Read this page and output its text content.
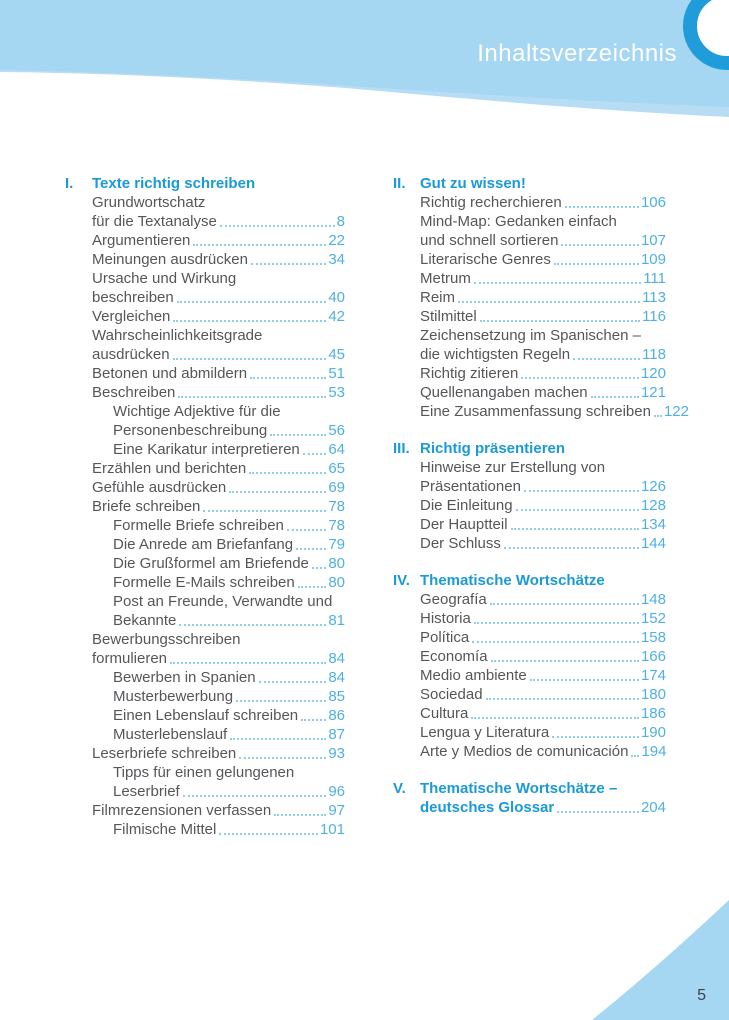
Inhaltsverzeichnis
I. Texte richtig schreiben
Grundwortschatz
für die Textanalyse	8
Argumentieren	22
Meinungen ausdrücken	34
Ursache und Wirkung
beschreiben	40
Vergleichen	42
Wahrscheinlichkeitsgrade
ausdrücken	45
Betonen und abmildern	51
Beschreiben	53
Wichtige Adjektive für die
Personenbeschreibung	56
Eine Karikatur interpretieren 64
Erzählen und berichten	65
Gefühle ausdrücken	69
Briefe schreiben	78
Formelle Briefe schreiben	78
Die Anrede am Briefanfang 79
Die Grußformel am Briefende 80
Formelle E-Mails schreiben 80
Post an Freunde, Verwandte und
Bekannte	81
Bewerbungsschreiben
formulieren	84
Bewerben in Spanien	84
Musterbewerbung	85
Einen Lebenslauf schreiben 86
Musterlebenslauf	87
Leserbriefe schreiben	93
Tipps für einen gelungenen
Leserbrief	96
Filmrezensionen verfassen	97
Filmische Mittel	101
II. Gut zu wissen!
Richtig recherchieren	106
Mind-Map: Gedanken einfach
und schnell sortieren	107
Literarische Genres	109
Metrum	111
Reim	113
Stilmittel	116
Zeichensetzung im Spanischen –
die wichtigsten Regeln	118
Richtig zitieren	120
Quellenangaben machen	121
Eine Zusammenfassung schreiben 122
III. Richtig präsentieren
Hinweise zur Erstellung von
Präsentationen	126
Die Einleitung	128
Der Hauptteil	134
Der Schluss	144
IV. Thematische Wortschätze
Geografía	148
Historia	152
Política	158
Economía	166
Medio ambiente	174
Sociedad	180
Cultura	186
Lengua y Literatura	190
Arte y Medios de comunicación 194
V. Thematische Wortschätze –
deutsches Glossar	204
5
